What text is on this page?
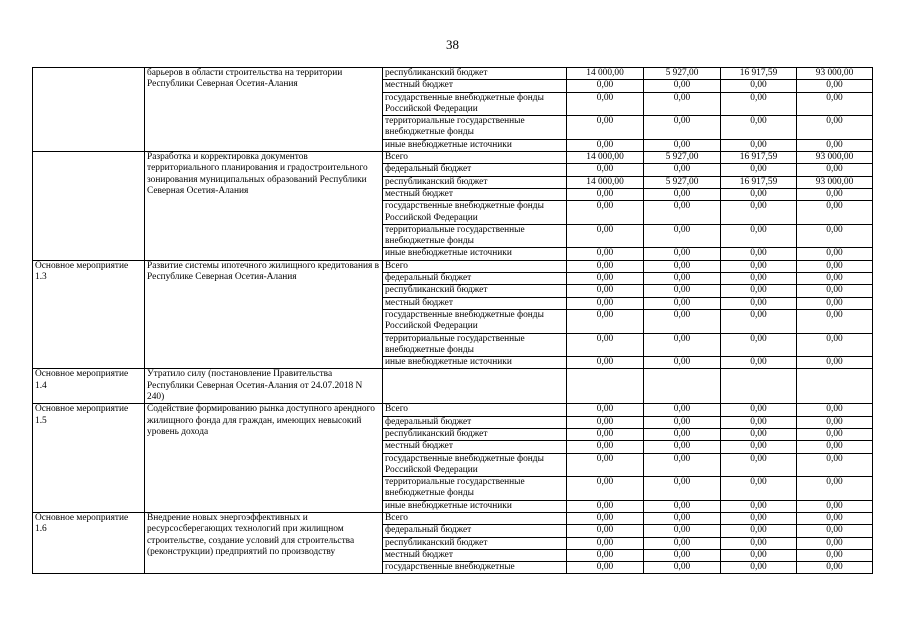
38
	барьеров в области строительства на территории Республики Северная Осетия-Алания	республиканский бюджет	14 000,00	5 927,00	16 917,59	93 000,00
		местный бюджет	0,00	0,00	0,00	0,00
		государственные внебюджетные фонды Российской Федерации	0,00	0,00	0,00	0,00
		территориальные государственные внебюджетные фонды	0,00	0,00	0,00	0,00
		иные внебюджетные источники	0,00	0,00	0,00	0,00
	Разработка и корректировка документов территориального планирования и градостроительного зонирования муниципальных образований Республики Северная Осетия-Алания	Всего	14 000,00	5 927,00	16 917,59	93 000,00
		федеральный бюджет	0,00	0,00	0,00	0,00
		республиканский бюджет	14 000,00	5 927,00	16 917,59	93 000,00
		местный бюджет	0,00	0,00	0,00	0,00
		государственные внебюджетные фонды Российской Федерации	0,00	0,00	0,00	0,00
		территориальные государственные внебюджетные фонды	0,00	0,00	0,00	0,00
		иные внебюджетные источники	0,00	0,00	0,00	0,00
Основное мероприятие 1.3	Развитие системы ипотечного жилищного кредитования в Республике Северная Осетия-Алания	Всего	0,00	0,00	0,00	0,00
		федеральный бюджет	0,00	0,00	0,00	0,00
		республиканский бюджет	0,00	0,00	0,00	0,00
		местный бюджет	0,00	0,00	0,00	0,00
		государственные внебюджетные фонды Российской Федерации	0,00	0,00	0,00	0,00
		территориальные государственные внебюджетные фонды	0,00	0,00	0,00	0,00
		иные внебюджетные источники	0,00	0,00	0,00	0,00
Основное мероприятие 1.4	Утратило силу (постановление Правительства Республики Северная Осетия-Алания от 24.07.2018 N 240)					
Основное мероприятие 1.5	Содействие формированию рынка доступного арендного жилищного фонда для граждан, имеющих невысокий уровень дохода	Всего	0,00	0,00	0,00	0,00
		федеральный бюджет	0,00	0,00	0,00	0,00
		республиканский бюджет	0,00	0,00	0,00	0,00
		местный бюджет	0,00	0,00	0,00	0,00
		государственные внебюджетные фонды Российской Федерации	0,00	0,00	0,00	0,00
		территориальные государственные внебюджетные фонды	0,00	0,00	0,00	0,00
		иные внебюджетные источники	0,00	0,00	0,00	0,00
Основное мероприятие 1.6	Внедрение новых энергоэффективных и ресурсосберегающих технологий при жилищном строительстве, создание условий для строительства (реконструкции) предприятий по производству	Всего	0,00	0,00	0,00	0,00
		федеральный бюджет	0,00	0,00	0,00	0,00
		республиканский бюджет	0,00	0,00	0,00	0,00
		местный бюджет	0,00	0,00	0,00	0,00
		государственные внебюджетные	0,00	0,00	0,00	0,00
